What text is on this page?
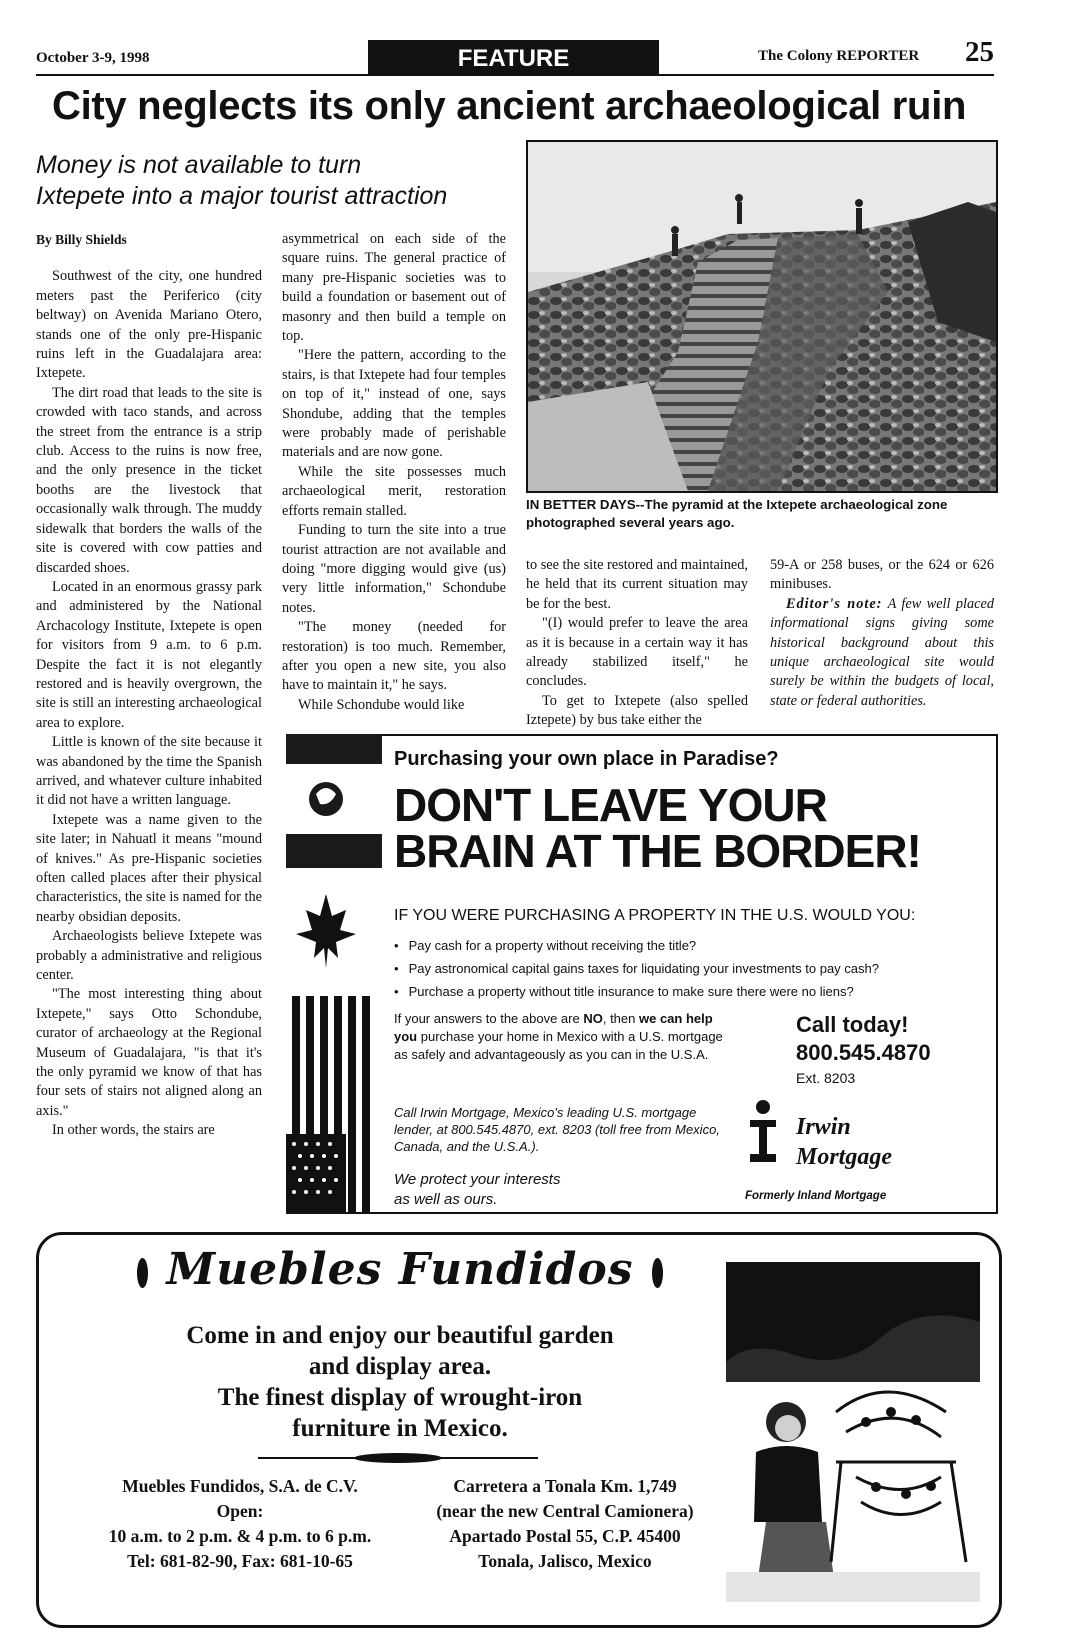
October 3-9, 1998	FEATURE	The Colony REPORTER 25
City neglects its only ancient archaeological ruin
Money is not available to turn
Ixtepete into a major tourist attraction

By Billy Shields

Southwest of the city, one hundred meters past the Periferico (city beltway) on Avenida Mariano Otero, stands one of the only pre-Hispanic ruins left in the Guadalajara area: Ixtepete.

The dirt road that leads to the site is crowded with taco stands, and across the street from the entrance is a strip club. Access to the ruins is now free, and the only presence in the ticket booths are the livestock that occasionally walk through. The muddy sidewalk that borders the walls of the site is covered with cow patties and discarded shoes.

Located in an enormous grassy park and administered by the National Archacology Institute, Ixtepete is open for visitors from 9 a.m. to 6 p.m. Despite the fact it is not elegantly restored and is heavily overgrown, the site is still an interesting archaeological area to explore.

Little is known of the site because it was abandoned by the time the Spanish arrived, and whatever culture inhabited it did not have a written language.

Ixtepete was a name given to the site later; in Nahuatl it means "mound of knives." As pre-Hispanic societies often called places after their physical characteristics, the site is named for the nearby obsidian deposits.

Archaeologists believe Ixtepete was probably a administrative and religious center.

"The most interesting thing about Ixtepete," says Otto Schondube, curator of archaeology at the Regional Museum of Guadalajara, "is that it's the only pyramid we know of that has four sets of stairs not aligned along an axis."

In other words, the stairs are

asymmetrical on each side of the square ruins. The general practice of many pre-Hispanic societies was to build a foundation or basement out of masonry and then build a temple on top.

"Here the pattern, according to the stairs, is that Ixtepete had four temples on top of it," instead of one, says Shondube, adding that the temples were probably made of perishable materials and are now gone.

While the site possesses much archaeological merit, restoration efforts remain stalled.

Funding to turn the site into a true tourist attraction are not available and doing "more digging would give (us) very little information," Schondube notes.

"The money (needed for restoration) is too much. Remember, after you open a new site, you also have to maintain it," he says.

While Schondube would like

IN BETTER DAYS--The pyramid at the Ixtepete archaeological zone photographed several years ago.

to see the site restored and maintained, he held that its current situation may be for the best.

"(I) would prefer to leave the area as it is because in a certain way it has already stabilized itself," he concludes.

To get to Ixtepete (also spelled Iztepete) by bus take either the

59-A or 258 buses, or the 624 or 626 minibuses.

Editor's note: A few well placed informational signs giving some historical background about this unique archaeological site would surely be within the budgets of local, state or federal authorities.

Purchasing your own place in Paradise?
DON'T LEAVE YOUR
BRAIN AT THE BORDER!
IF YOU WERE PURCHASING A PROPERTY IN THE U.S. WOULD YOU:
• Pay cash for a property without receiving the title?
• Pay astronomical capital gains taxes for liquidating your investments to pay cash?
• Purchase a property without title insurance to make sure there were no liens?
If your answers to the above are NO, then we can help you purchase your home in Mexico with a U.S. mortgage as safely and advantageously as you can in the U.S.A.
Call today!
800.545.4870
Ext. 8203
Call Irwin Mortgage, Mexico's leading U.S. mortgage lender, at 800.545.4870, ext. 8203 (toll free from Mexico, Canada, and the U.S.A.).
We protect your interests
as well as ours.
Irwin
Mortgage
Formerly Inland Mortgage
Muebles Fundidos
Come in and enjoy our beautiful garden
and display area.
The finest display of wrought-iron
furniture in Mexico.
Muebles Fundidos, S.A. de C.V.
Open:
10 a.m. to 2 p.m. & 4 p.m. to 6 p.m.
Tel: 681-82-90, Fax: 681-10-65
Carretera a Tonala Km. 1,749
(near the new Central Camionera)
Apartado Postal 55, C.P. 45400
Tonala, Jalisco, Mexico
